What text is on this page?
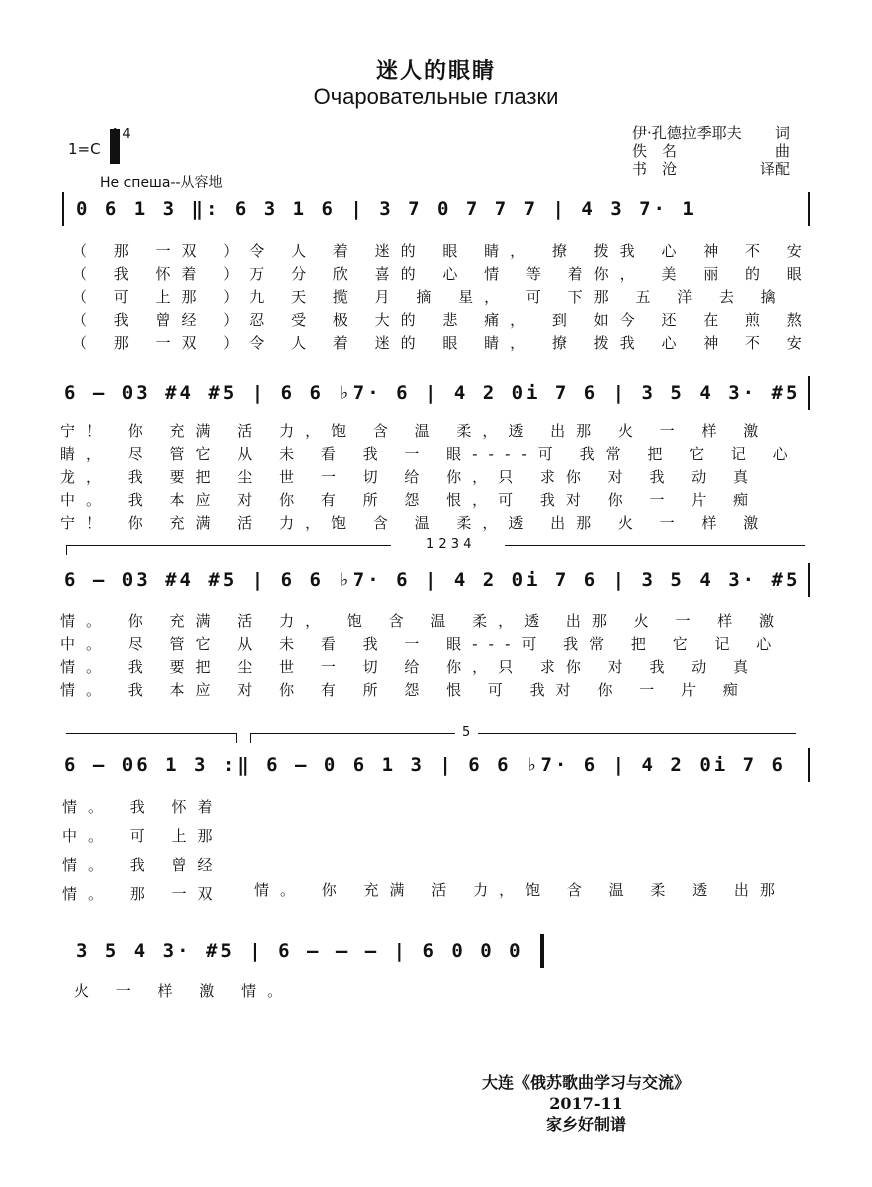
迷人的眼睛
Очаровательные глазки
1=C
4
Не спеша--从容地
伊·孔德拉季耶夫 词
佚　名	曲
书　沧	译配
0 6 1 3 ‖: 6 3 1 6 | 3 7 0 7 7 7 | 4 3 7· 1
（ 那 一双 ）令 人 着 迷的 眼 睛， 撩 拨我 心 神 不 安
（ 我 怀着 ）万 分 欣 喜的 心 情 等 着你， 美 丽 的 眼
（ 可 上那 ）九 天 揽 月 摘 星， 可 下那 五 洋 去 擒
（ 我 曾经 ）忍 受 极 大的 悲 痛， 到 如今 还 在 煎 熬
（ 那 一双 ）令 人 着 迷的 眼 睛， 撩 拨我 心 神 不 安
6 – 03 #4 #5 | 6 6 ♭7· 6 | 4 2 0i 7 6 | 3 5 4 3· #5
宁！ 你 充满 活 力，饱 含 温 柔，透 出那 火 一 样 激
睛， 尽 管它 从 未 看 我 一 眼----可 我常 把 它 记 心
龙， 我 要把 尘 世 一 切 给 你，只 求你 对 我 动 真
中。 我 本应 对 你 有 所 怨 恨，可 我对 你 一 片 痴
宁！ 你 充满 活 力，饱 含 温 柔，透 出那 火 一 样 激
1 2 3 4
6 – 03 #4 #5 | 6 6 ♭7· 6 | 4 2 0i 7 6 | 3 5 4 3· #5
情。 你 充满 活 力， 饱 含 温 柔，透 出那 火 一 样 激
中。 尽 管它 从 未 看 我 一 眼---可 我常 把 它 记 心
情。 我 要把 尘 世 一 切 给 你，只 求你 对 我 动 真
情。 我 本应 对 你 有 所 怨 恨 可 我对 你 一 片 痴
5
6 – 06 1 3 :‖ 6 – 0 6 1 3 | 6 6 ♭7· 6 | 4 2 0i 7 6
情。 我 怀着
中。 可 上那
情。 我 曾经
情。 那 一双 情。 你 充满 活 力，饱 含 温 柔 透 出那
3 5 4 3· #5 | 6 – – – | 6 0 0 0
火 一 样 激 情。
大连《俄苏歌曲学习与交流》
2017-11
家乡好制谱
